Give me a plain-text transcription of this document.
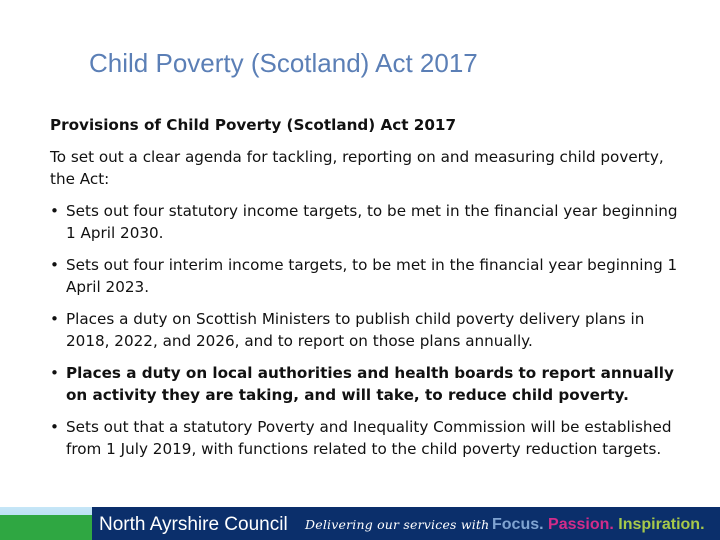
Child Poverty (Scotland) Act 2017

Provisions of Child Poverty (Scotland) Act 2017

To set out a clear agenda for tackling, reporting on and measuring child poverty, the Act:

• Sets out four statutory income targets, to be met in the financial year beginning 1 April 2030.
• Sets out four interim income targets, to be met in the financial year beginning 1 April 2023.
• Places a duty on Scottish Ministers to publish child poverty delivery plans in 2018, 2022, and 2026, and to report on those plans annually.
• Places a duty on local authorities and health boards to report annually on activity they are taking, and will take, to reduce child poverty.
• Sets out that a statutory Poverty and Inequality Commission will be established from 1 July 2019, with functions related to the child poverty reduction targets.
North Ayrshire Council Delivering our services with Focus. Passion. Inspiration.
